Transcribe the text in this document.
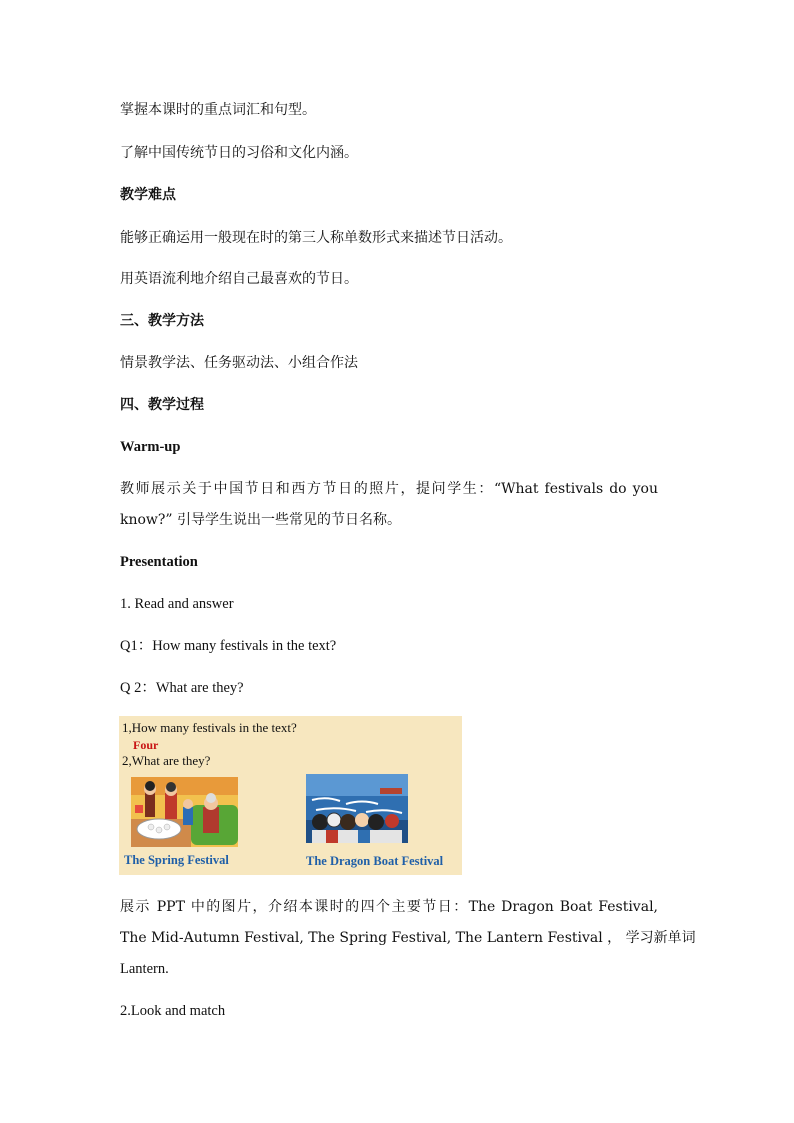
掌握本课时的重点词汇和句型。

了解中国传统节日的习俗和文化内涵。

教学难点

能够正确运用一般现在时的第三人称单数形式来描述节日活动。

用英语流利地介绍自己最喜欢的节日。

三、教学方法

情景教学法、任务驱动法、小组合作法

四、教学过程

Warm-up

教师展示关于中国节日和西方节日的照片，提问学生：“What festivals do you

know?” 引导学生说出一些常见的节日名称。

Presentation

1. Read and answer

Q1：How many festivals in the text?

Q 2：What are they?

1,How many festivals in the text?
Four
2,What are they?
The Spring Festival	The Dragon Boat Festival

展示 PPT 中的图片，介绍本课时的四个主要节日：The Dragon Boat Festival,

The Mid-Autumn Festival, The Spring Festival, The Lantern Festival ， 学习新单词

Lantern.

2.Look and match
